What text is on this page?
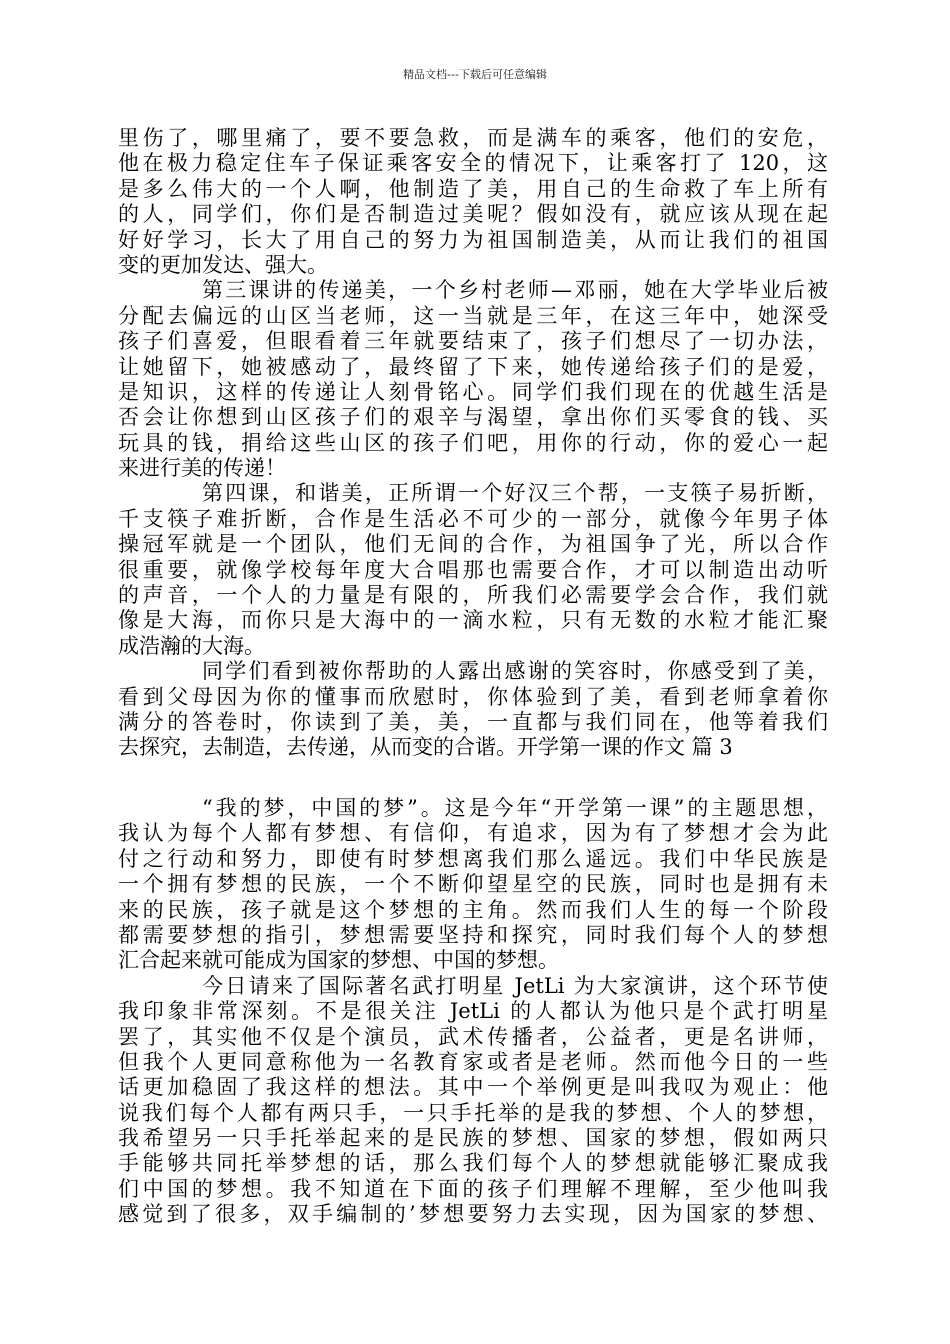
精品文档---下载后可任意编辑
里伤了，哪里痛了，要不要急救，而是满车的乘客，他们的安危，
他在极力稳定住车子保证乘客安全的情况下，让乘客打了 120，这
是多么伟大的一个人啊，他制造了美，用自己的生命救了车上所有
的人，同学们，你们是否制造过美呢？假如没有，就应该从现在起
好好学习，长大了用自己的努力为祖国制造美，从而让我们的祖国
变的更加发达、强大。
第三课讲的传递美，一个乡村老师—邓丽，她在大学毕业后被
分配去偏远的山区当老师，这一当就是三年，在这三年中，她深受
孩子们喜爱，但眼看着三年就要结束了，孩子们想尽了一切办法，
让她留下，她被感动了，最终留了下来，她传递给孩子们的是爱，
是知识，这样的传递让人刻骨铭心。同学们我们现在的优越生活是
否会让你想到山区孩子们的艰辛与渴望，拿出你们买零食的钱、买
玩具的钱，捐给这些山区的孩子们吧，用你的行动，你的爱心一起
来进行美的传递！
第四课，和谐美，正所谓一个好汉三个帮，一支筷子易折断，
千支筷子难折断，合作是生活必不可少的一部分，就像今年男子体
操冠军就是一个团队，他们无间的合作，为祖国争了光，所以合作
很重要，就像学校每年度大合唱那也需要合作，才可以制造出动听
的声音，一个人的力量是有限的，所我们必需要学会合作，我们就
像是大海，而你只是大海中的一滴水粒，只有无数的水粒才能汇聚
成浩瀚的大海。
同学们看到被你帮助的人露出感谢的笑容时，你感受到了美，
看到父母因为你的懂事而欣慰时，你体验到了美，看到老师拿着你
满分的答卷时，你读到了美，美，一直都与我们同在，他等着我们
去探究，去制造，去传递，从而变的合谐。开学第一课的作文 篇 3
“我的梦，中国的梦”。这是今年“开学第一课”的主题思想，
我认为每个人都有梦想、有信仰，有追求，因为有了梦想才会为此
付之行动和努力，即使有时梦想离我们那么遥远。我们中华民族是
一个拥有梦想的民族，一个不断仰望星空的民族，同时也是拥有未
来的民族，孩子就是这个梦想的主角。然而我们人生的每一个阶段
都需要梦想的指引，梦想需要坚持和探究，同时我们每个人的梦想
汇合起来就可能成为国家的梦想、中国的梦想。
今日请来了国际著名武打明星 JetLi 为大家演讲，这个环节使
我印象非常深刻。不是很关注 JetLi 的人都认为他只是个武打明星
罢了，其实他不仅是个演员，武术传播者，公益者，更是名讲师，
但我个人更同意称他为一名教育家或者是老师。然而他今日的一些
话更加稳固了我这样的想法。其中一个举例更是叫我叹为观止：他
说我们每个人都有两只手，一只手托举的是我的梦想、个人的梦想，
我希望另一只手托举起来的是民族的梦想、国家的梦想，假如两只
手能够共同托举梦想的话，那么我们每个人的梦想就能够汇聚成我
们中国的梦想。我不知道在下面的孩子们理解不理解，至少他叫我
感觉到了很多，双手编制的’梦想要努力去实现，因为国家的梦想、
